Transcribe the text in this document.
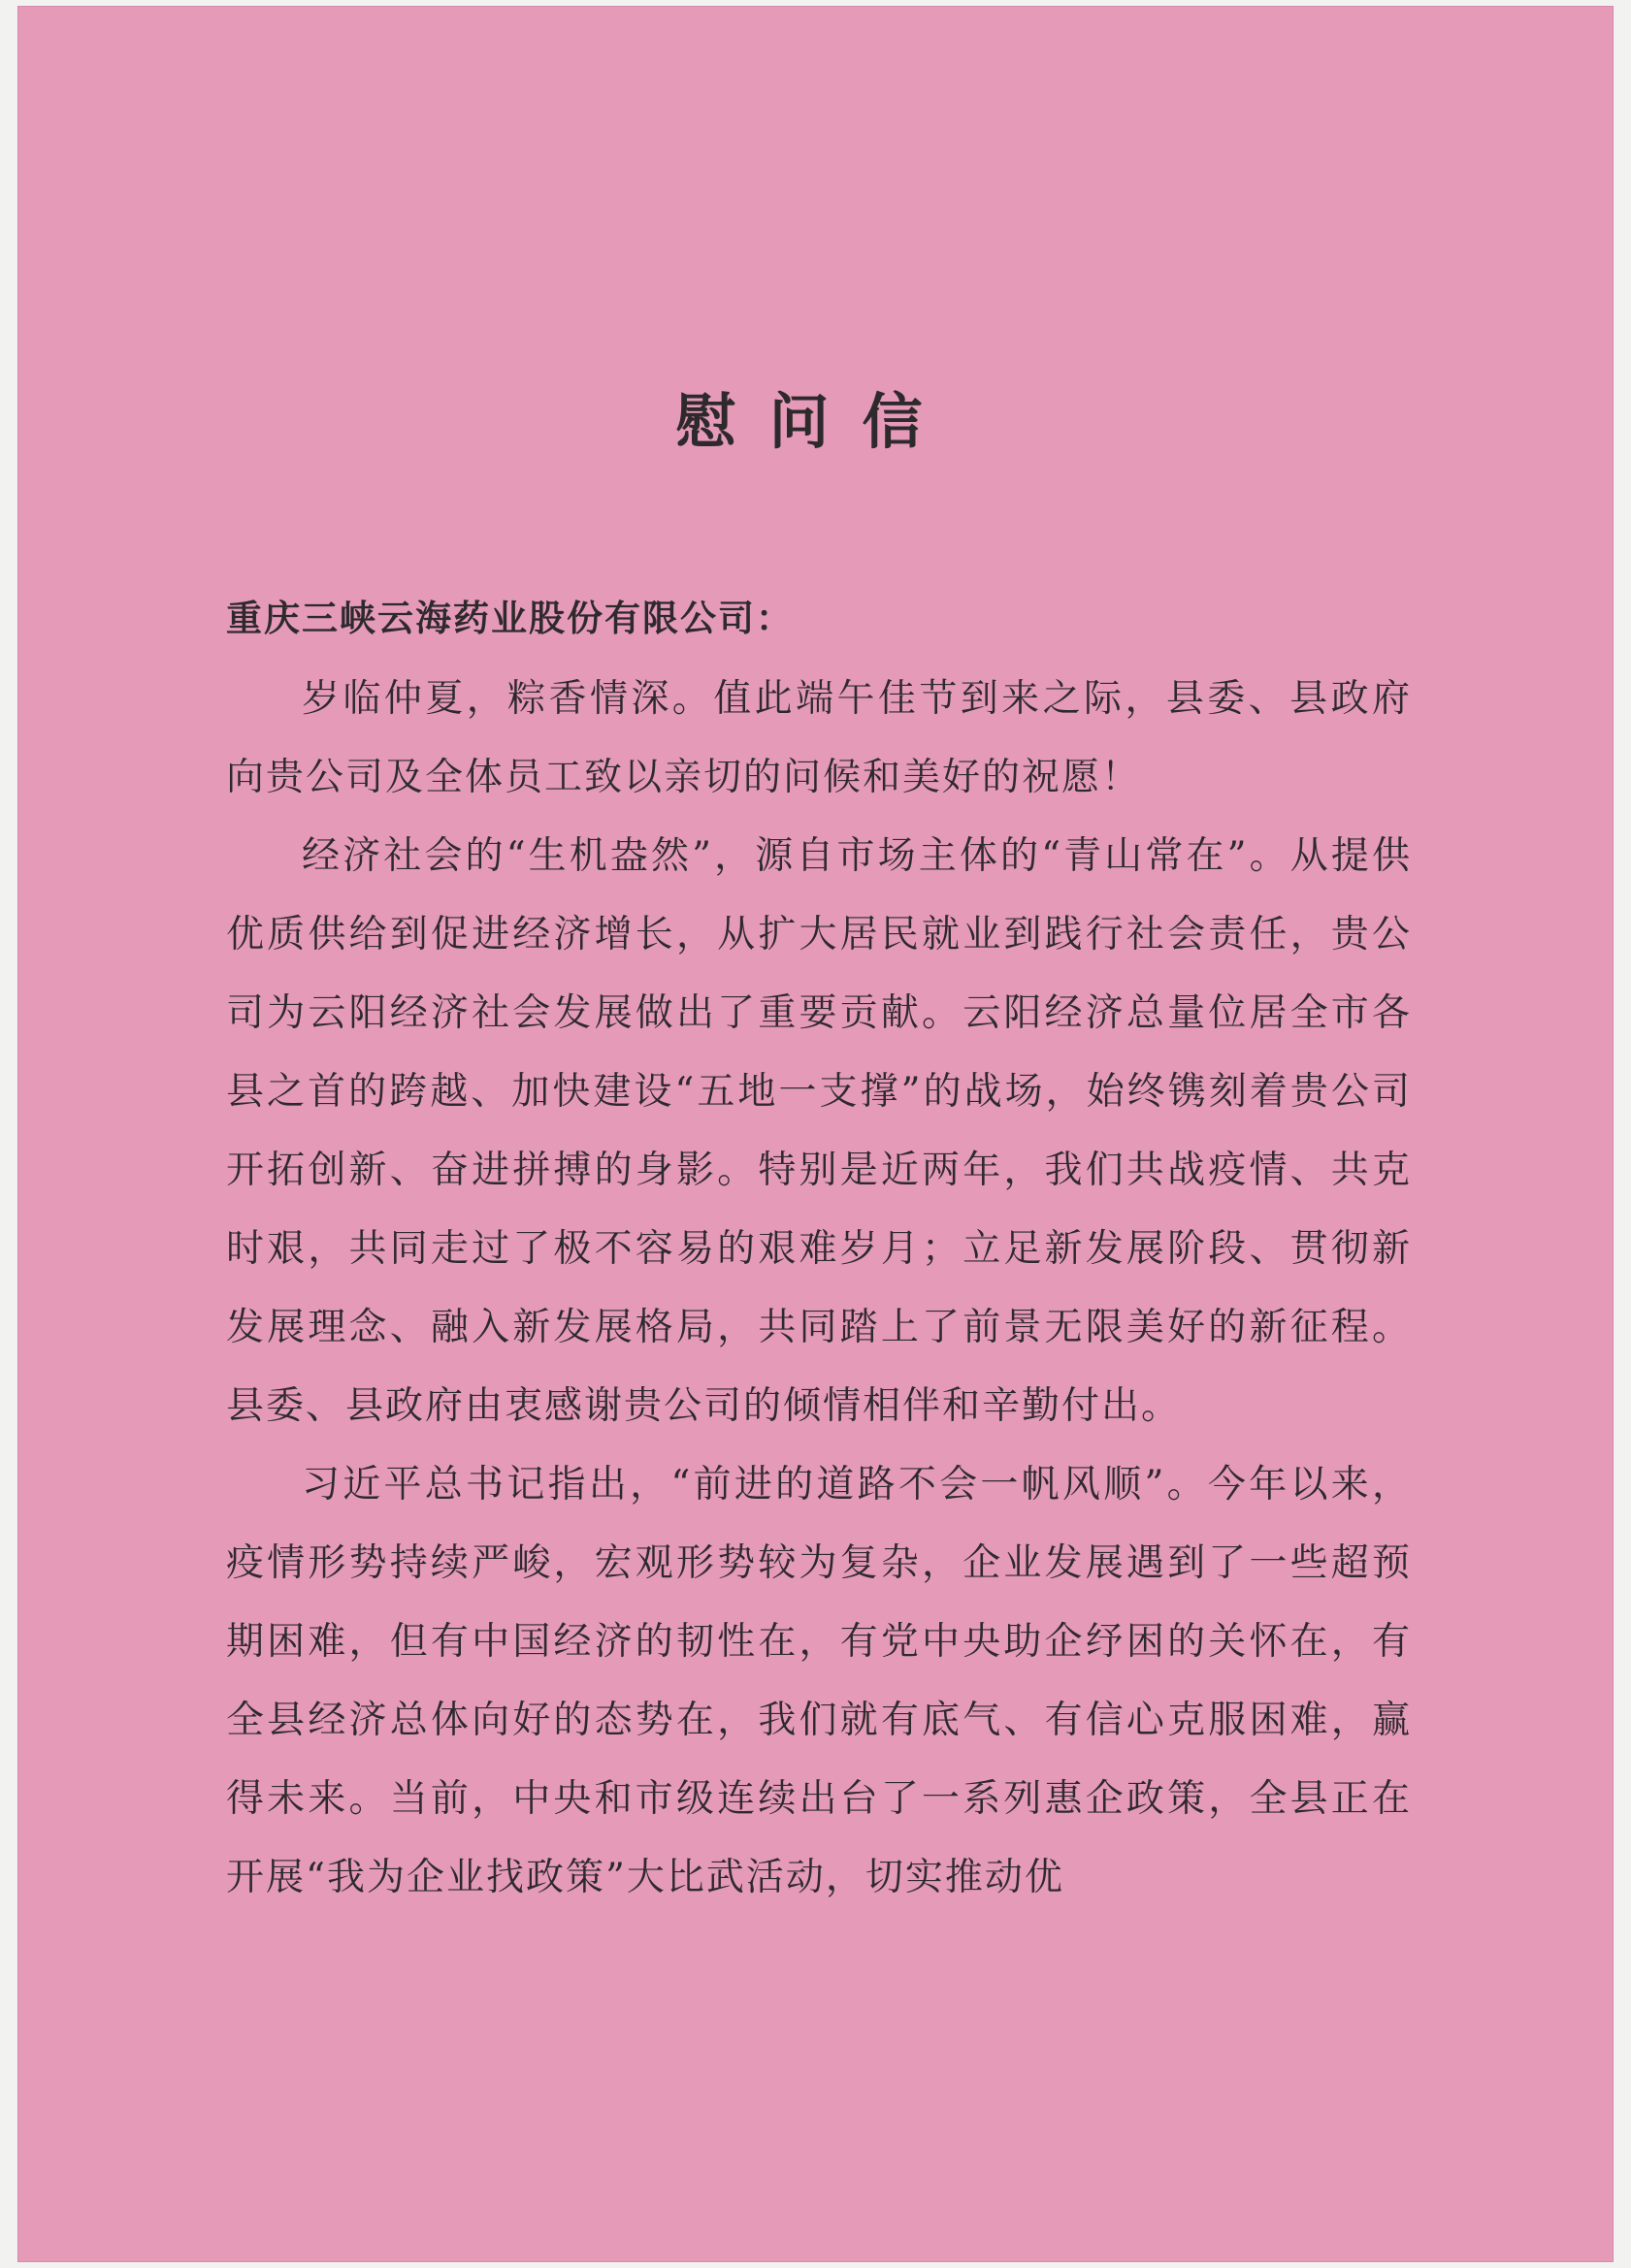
慰问信
重庆三峡云海药业股份有限公司：

岁临仲夏，粽香情深。值此端午佳节到来之际，县委、县政府向贵公司及全体员工致以亲切的问候和美好的祝愿！

经济社会的“生机盎然”，源自市场主体的“青山常在”。从提供优质供给到促进经济增长，从扩大居民就业到践行社会责任，贵公司为云阳经济社会发展做出了重要贡献。云阳经济总量位居全市各县之首的跨越、加快建设“五地一支撑”的战场，始终镌刻着贵公司开拓创新、奋进拼搏的身影。特别是近两年，我们共战疫情、共克时艰，共同走过了极不容易的艰难岁月；立足新发展阶段、贯彻新发展理念、融入新发展格局，共同踏上了前景无限美好的新征程。县委、县政府由衷感谢贵公司的倾情相伴和辛勤付出。

习近平总书记指出，“前进的道路不会一帆风顺”。今年以来，疫情形势持续严峻，宏观形势较为复杂，企业发展遇到了一些超预期困难，但有中国经济的韧性在，有党中央助企纾困的关怀在，有全县经济总体向好的态势在，我们就有底气、有信心克服困难，赢得未来。当前，中央和市级连续出台了一系列惠企政策，全县正在开展“我为企业找政策”大比武活动，切实推动优
